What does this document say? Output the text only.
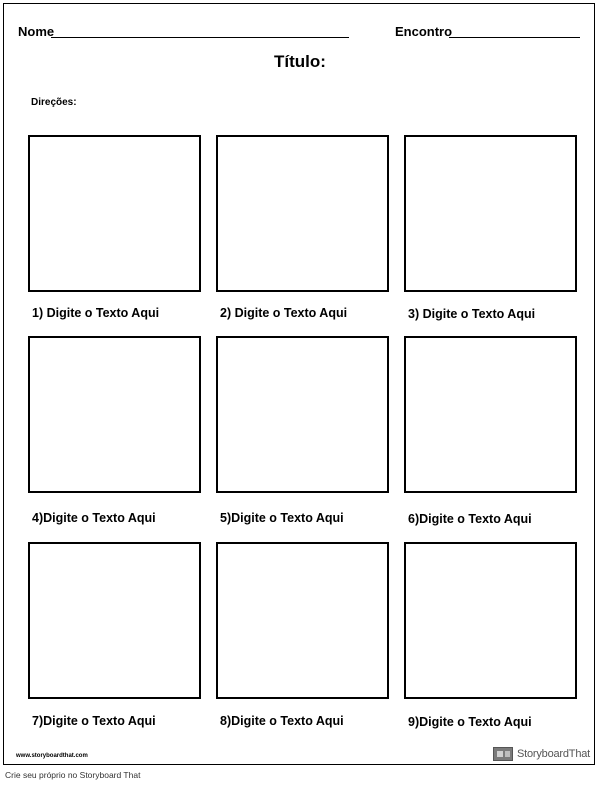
Nome	Encontro
Título:
Direções:
1) Digite o Texto Aqui	2) Digite o Texto Aqui	3) Digite o Texto Aqui
4)Digite o Texto Aqui	5)Digite o Texto Aqui	6)Digite o Texto Aqui
7)Digite o Texto Aqui	8)Digite o Texto Aqui	9)Digite o Texto Aqui
www.storyboardthat.com	StoryboardThat
Crie seu próprio no Storyboard That
